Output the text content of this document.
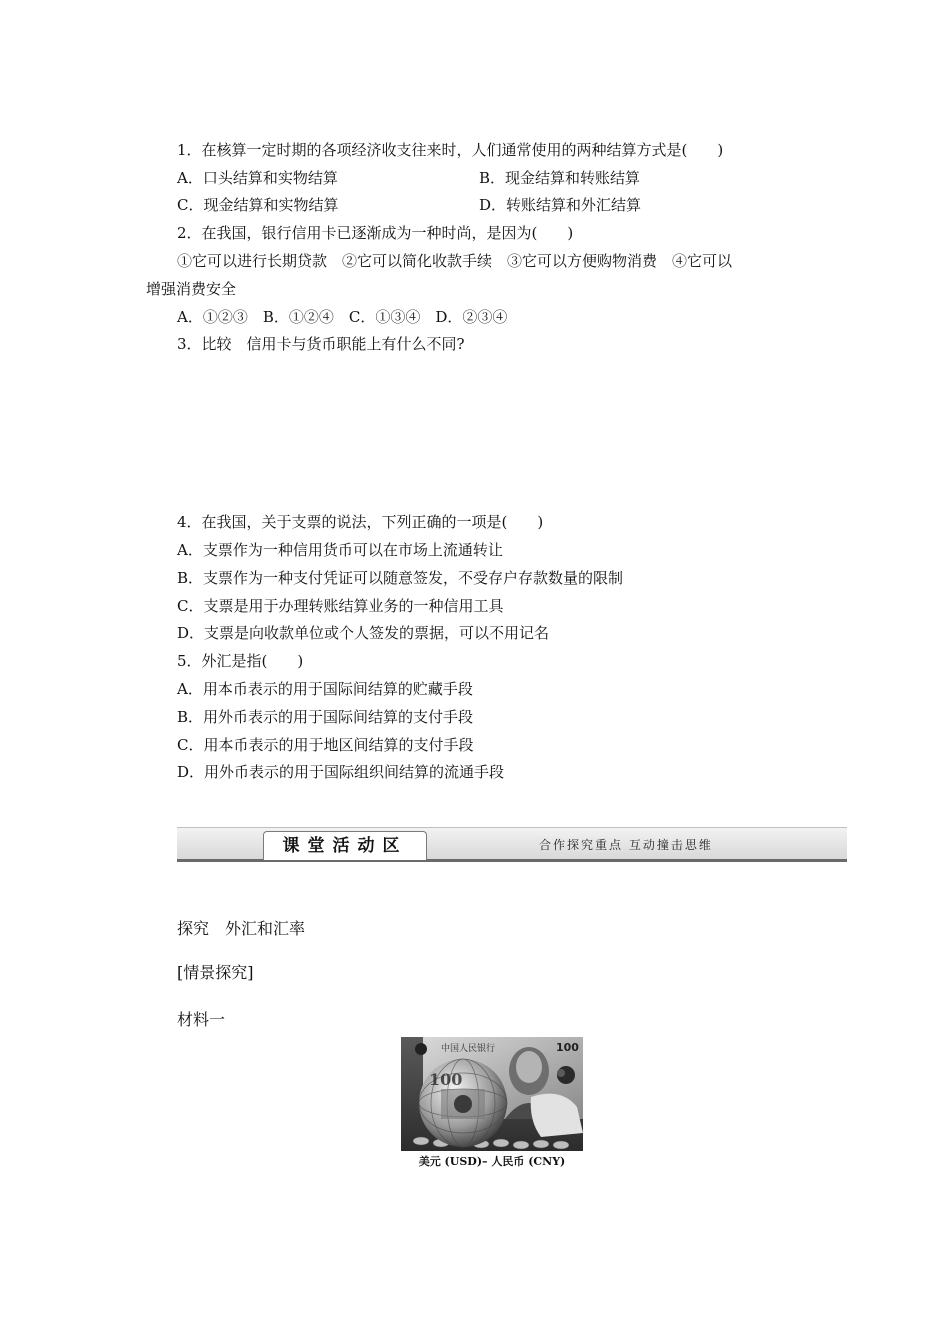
1．在核算一定时期的各项经济收支往来时，人们通常使用的两种结算方式是(　　)
A．口头结算和实物结算	B．现金结算和转账结算
C．现金结算和实物结算	D．转账结算和外汇结算
2．在我国，银行信用卡已逐渐成为一种时尚，是因为(　　)
①它可以进行长期贷款　②它可以简化收款手续　③它可以方便购物消费　④它可以
增强消费安全
A．①②③　B．①②④　C．①③④　D．②③④
3．比较　信用卡与货币职能上有什么不同?
4．在我国，关于支票的说法，下列正确的一项是(　　)
A．支票作为一种信用货币可以在市场上流通转让
B．支票作为一种支付凭证可以随意签发，不受存户存款数量的限制
C．支票是用于办理转账结算业务的一种信用工具
D．支票是向收款单位或个人签发的票据，可以不用记名
5．外汇是指(　　)
A．用本币表示的用于国际间结算的贮藏手段
B．用外币表示的用于国际间结算的支付手段
C．用本币表示的用于地区间结算的支付手段
D．用外币表示的用于国际组织间结算的流通手段
课堂活动区	合作探究重点 互动撞击思维
探究　外汇和汇率
[情景探究]
材料一
中国人民银行	100
100
美元 (USD)– 人民币 (CNY)
